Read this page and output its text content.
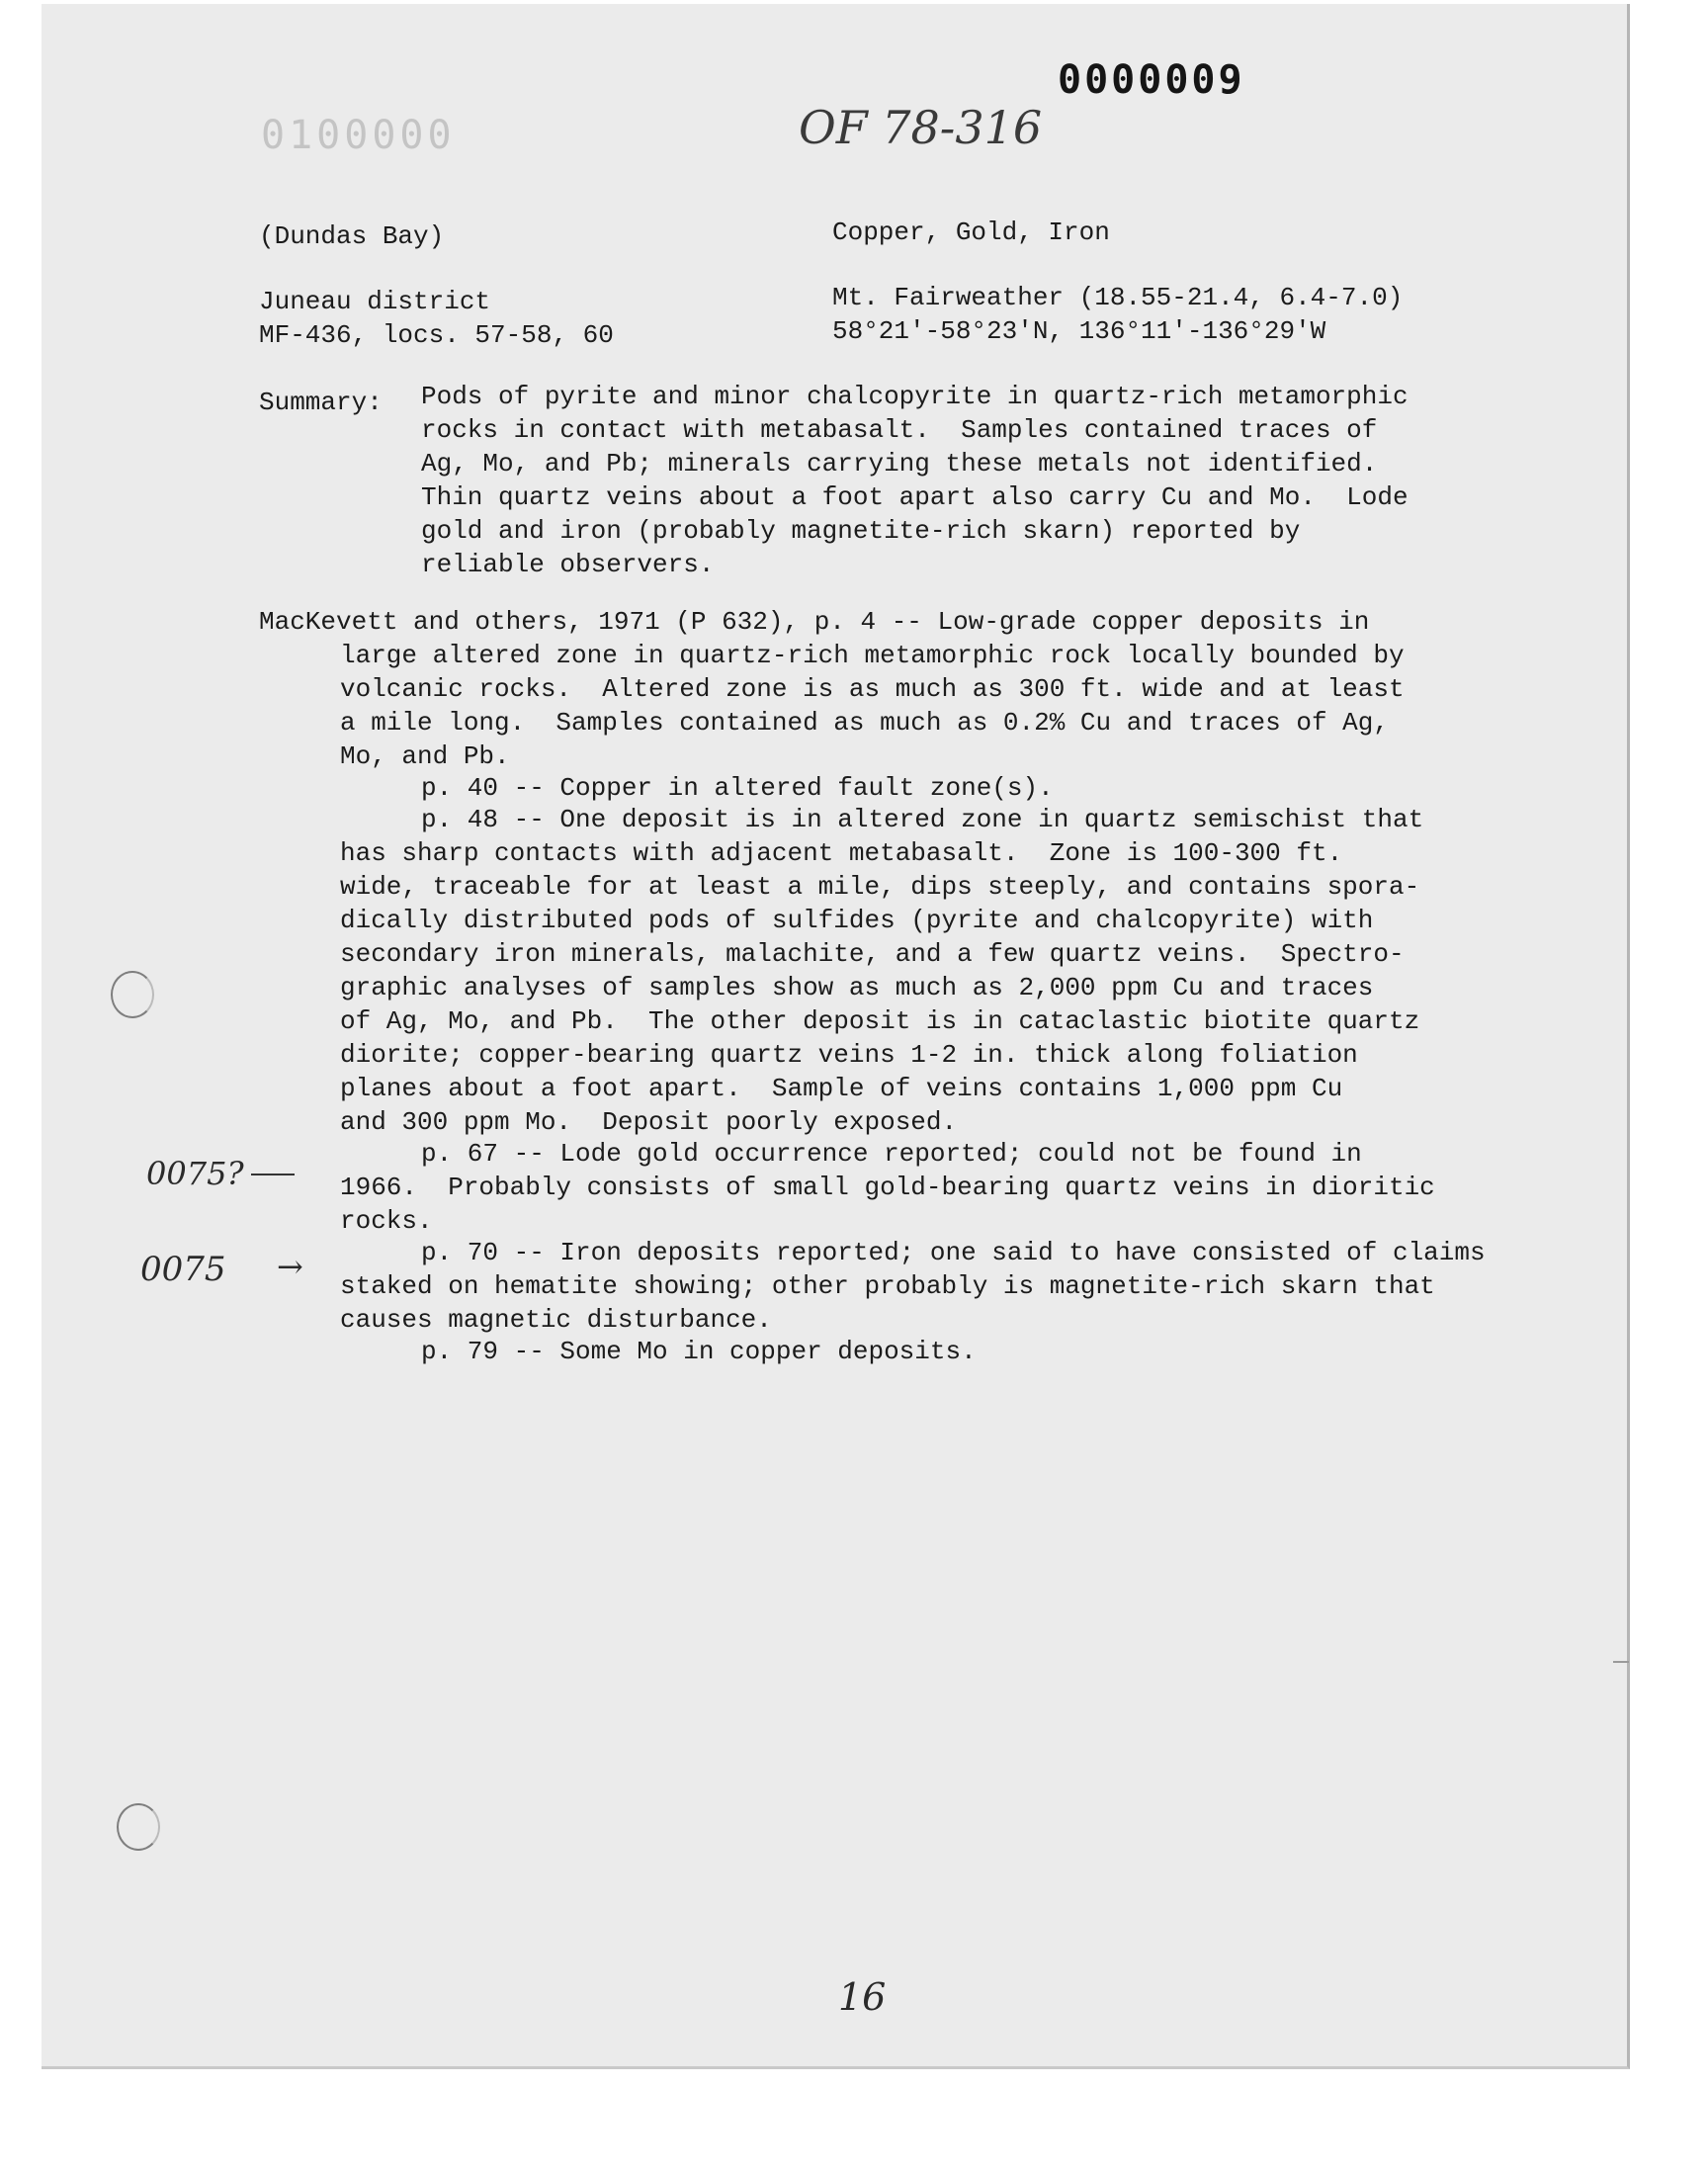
0000009
0100000	OF 78-316
(Dundas Bay)	Copper, Gold, Iron
Juneau district	Mt. Fairweather (18.55-21.4, 6.4-7.0)
MF-436, locs. 57-58, 60	58°21'-58°23'N, 136°11'-136°29'W
Summary: Pods of pyrite and minor chalcopyrite in quartz-rich metamorphic
rocks in contact with metabasalt.  Samples contained traces of
Ag, Mo, and Pb; minerals carrying these metals not identified.
Thin quartz veins about a foot apart also carry Cu and Mo.  Lode
gold and iron (probably magnetite-rich skarn) reported by
reliable observers.
MacKevett and others, 1971 (P 632), p. 4 -- Low-grade copper deposits in
large altered zone in quartz-rich metamorphic rock locally bounded by
volcanic rocks.  Altered zone is as much as 300 ft. wide and at least
a mile long.  Samples contained as much as 0.2% Cu and traces of Ag,
Mo, and Pb.
p. 40 -- Copper in altered fault zone(s).
p. 48 -- One deposit is in altered zone in quartz semischist that
has sharp contacts with adjacent metabasalt.  Zone is 100-300 ft.
wide, traceable for at least a mile, dips steeply, and contains spora-
dically distributed pods of sulfides (pyrite and chalcopyrite) with
secondary iron minerals, malachite, and a few quartz veins.  Spectro-
graphic analyses of samples show as much as 2,000 ppm Cu and traces
of Ag, Mo, and Pb.  The other deposit is in cataclastic biotite quartz
diorite; copper-bearing quartz veins 1-2 in. thick along foliation
planes about a foot apart.  Sample of veins contains 1,000 ppm Cu
and 300 ppm Mo.  Deposit poorly exposed.
p. 67 -- Lode gold occurrence reported; could not be found in
1966.  Probably consists of small gold-bearing quartz veins in dioritic
rocks.
p. 70 -- Iron deposits reported; one said to have consisted of claims
staked on hematite showing; other probably is magnetite-rich skarn that
causes magnetic disturbance.
p. 79 -- Some Mo in copper deposits.
0075?
0075 →
16
